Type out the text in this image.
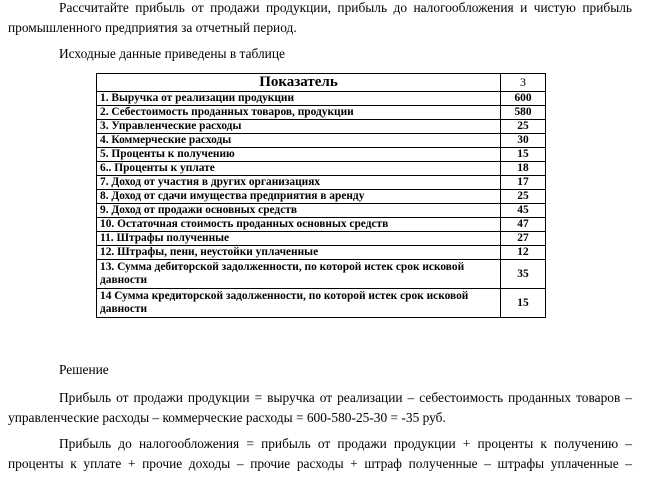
Рассчитайте прибыль от продажи продукции, прибыль до налогообложения и чистую прибыль промышленного предприятия за отчетный период.

Исходные данные приведены в таблице

Показатель	3
1. Выручка от реализации продукции	600
2. Себестоимость проданных товаров, продукции	580
3. Управленческие расходы	25
4. Коммерческие расходы	30
5. Проценты к получению	15
6.. Проценты к уплате	18
7. Доход от участия в других организациях	17
8. Доход от сдачи имущества предприятия в аренду	25
9. Доход от продажи основных средств	45
10. Остаточная стоимость проданных основных средств	47
11. Штрафы полученные	27
12. Штрафы, пени, неустойки уплаченные	12
13. Сумма дебиторской задолженности, по которой истек срок исковой давности	35
14 Сумма кредиторской задолженности, по которой истек срок исковой давности	15

Решение

Прибыль от продажи продукции = выручка от реализации – себестоимость проданных товаров – управленческие расходы – коммерческие расходы = 600-580-25-30 = -35 руб.

Прибыль до налогообложения = прибыль от продажи продукции + проценты к получению – проценты к уплате + прочие доходы – прочие расходы + штраф полученные – штрафы уплаченные –
